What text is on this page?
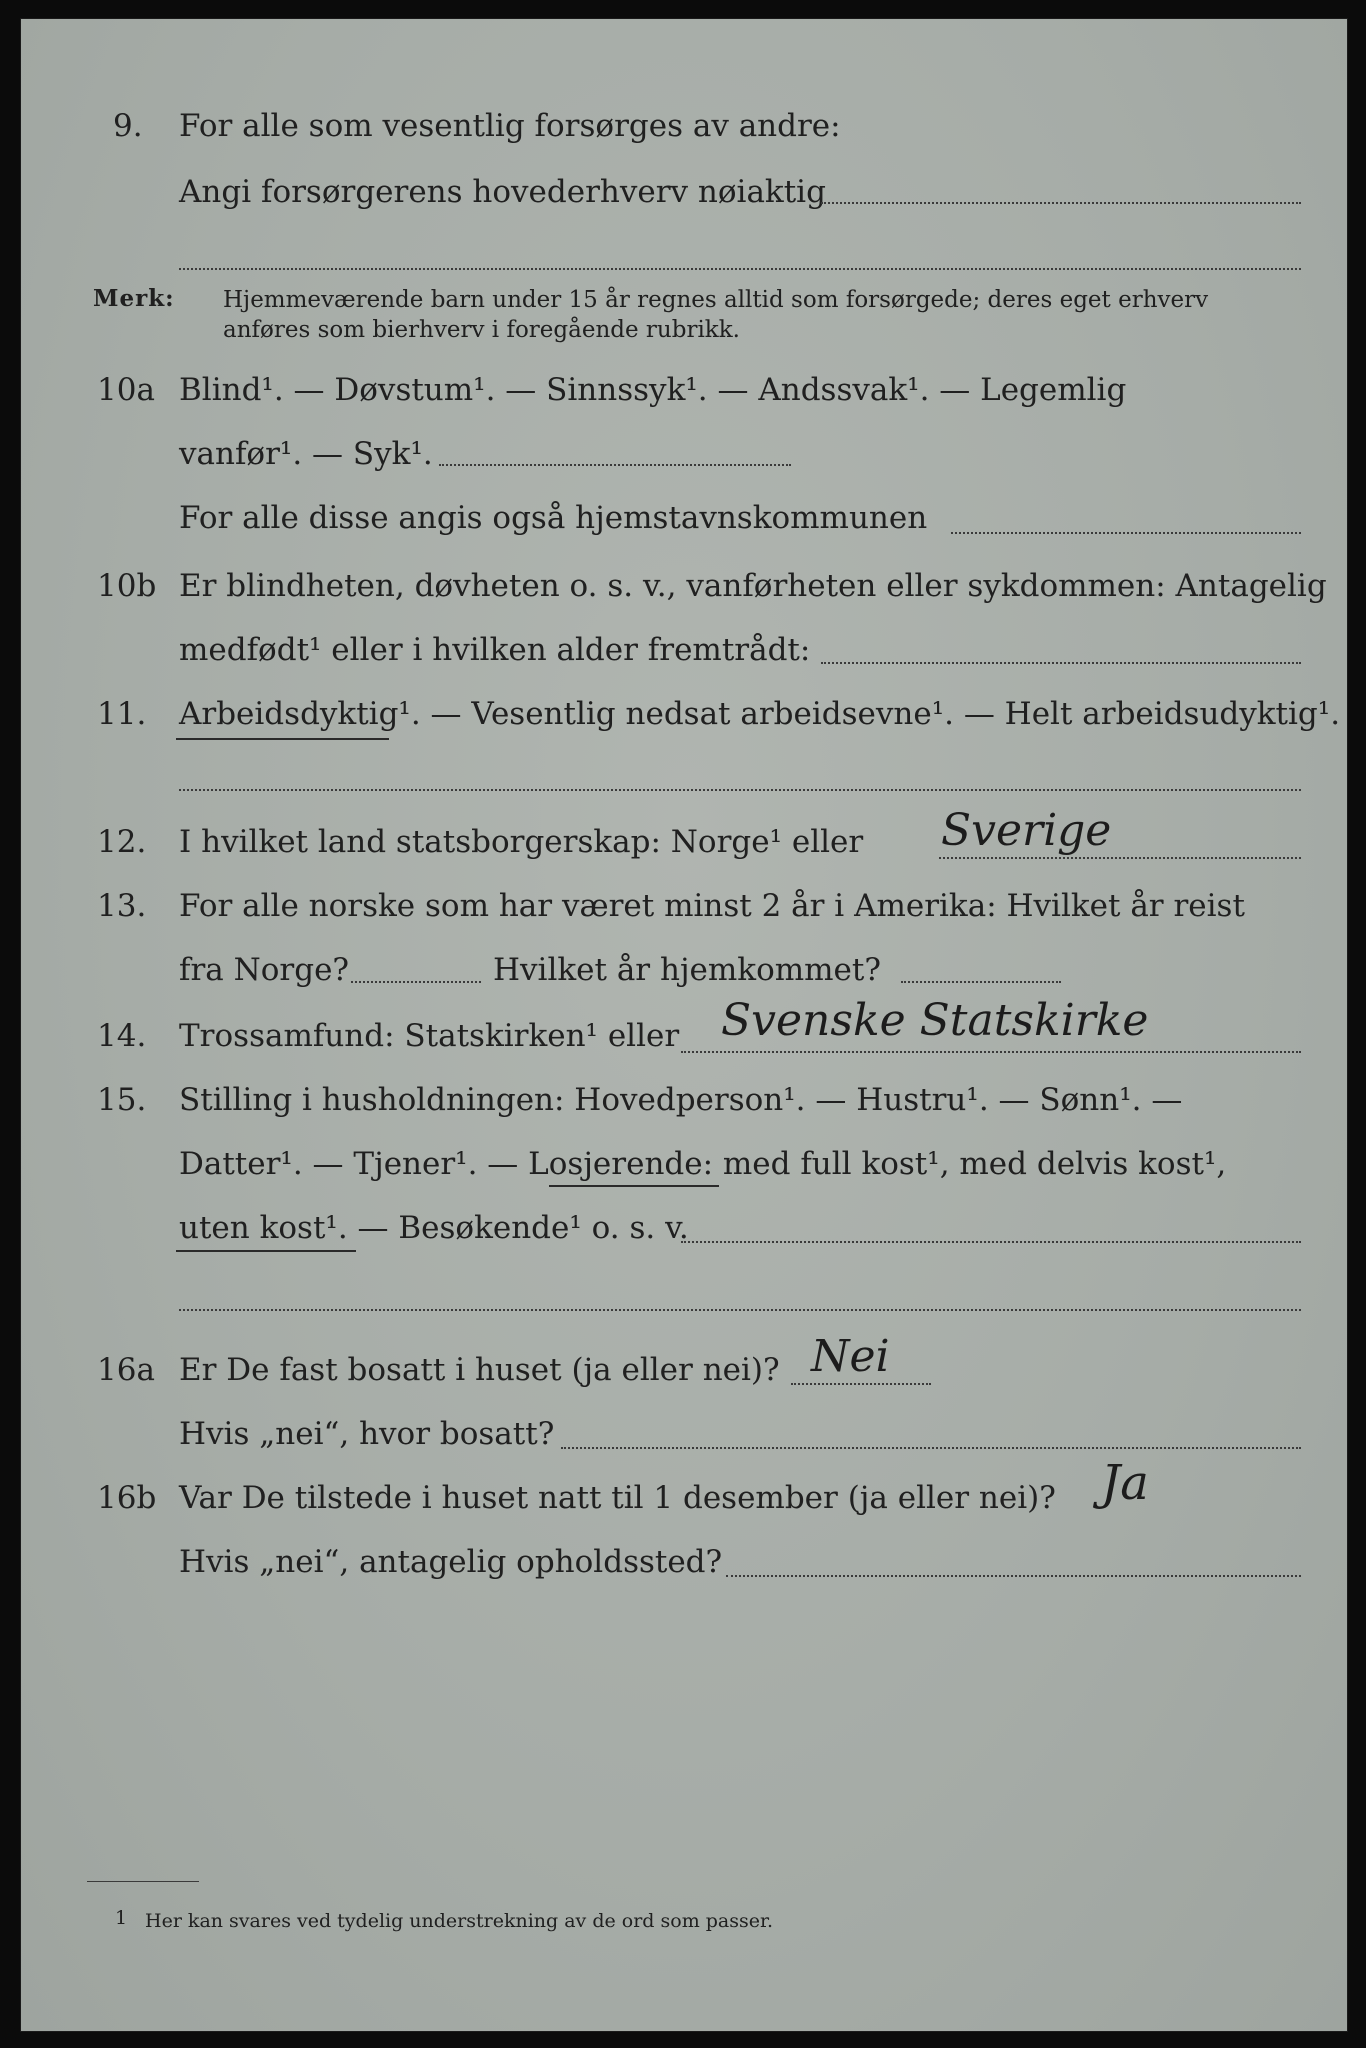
9. For alle som vesentlig forsørges av andre:
Angi forsørgerens hovederhverv nøiaktig
Merk: Hjemmeværende barn under 15 år regnes alltid som forsørgede; deres eget erhverv
anføres som bierhverv i foregående rubrikk.
10a Blind¹. — Døvstum¹. — Sinnssyk¹. — Andssvak¹. — Legemlig
vanfør¹. — Syk¹.
For alle disse angis også hjemstavnskommunen
10b Er blindheten, døvheten o. s. v., vanførheten eller sykdommen: Antagelig
medfødt¹ eller i hvilken alder fremtrådt:
11. Arbeidsdyktig¹. — Vesentlig nedsat arbeidsevne¹. — Helt arbeidsudyktig¹.
12. I hvilket land statsborgerskap: Norge¹ eller Sverige
13. For alle norske som har været minst 2 år i Amerika: Hvilket år reist
fra Norge?	Hvilket år hjemkommet?
14. Trossamfund: Statskirken¹ eller Svenske Statskirke
15. Stilling i husholdningen: Hovedperson¹. — Hustru¹. — Sønn¹. —
Datter¹. — Tjener¹. — Losjerende: med full kost¹, med delvis kost¹,
uten kost¹. — Besøkende¹ o. s. v.
16a Er De fast bosatt i huset (ja eller nei)? Nei
Hvis „nei“, hvor bosatt?
16b Var De tilstede i huset natt til 1 desember (ja eller nei)? Ja
Hvis „nei“, antagelig opholdssted?
1 Her kan svares ved tydelig understrekning av de ord som passer.
